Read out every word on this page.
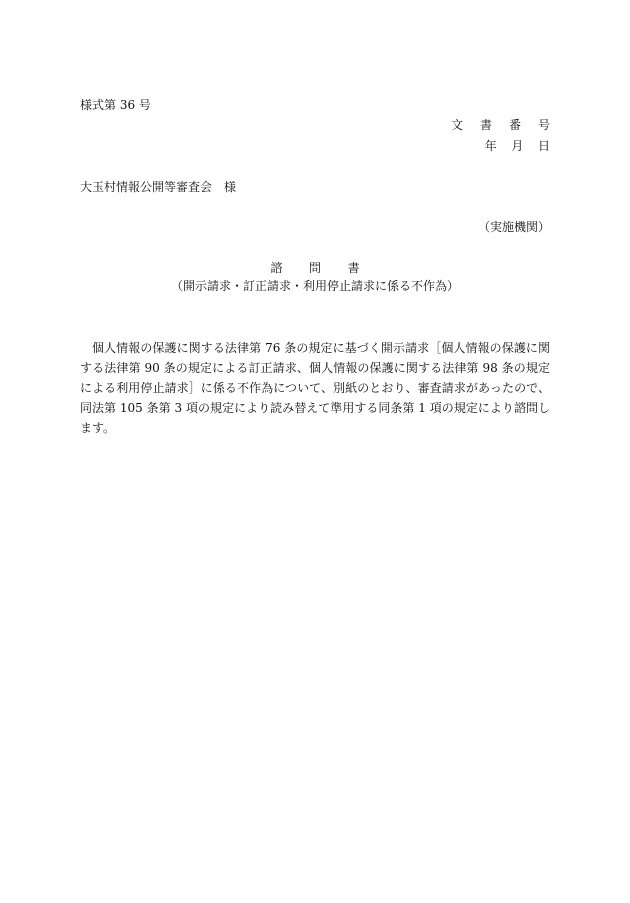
様式第 36 号
文 書 番 号
年 月 日
大玉村情報公開等審査会　様
（実施機関）
諮 問 書
（開示請求・訂正請求・利用停止請求に係る不作為）

個人情報の保護に関する法律第 76 条の規定に基づく開示請求［個人情報の保護に関する法律第 90 条の規定による訂正請求、個人情報の保護に関する法律第 98 条の規定による利用停止請求］に係る不作為について、別紙のとおり、審査請求があったので、同法第 105 条第 3 項の規定により読み替えて準用する同条第 1 項の規定により諮問します。
